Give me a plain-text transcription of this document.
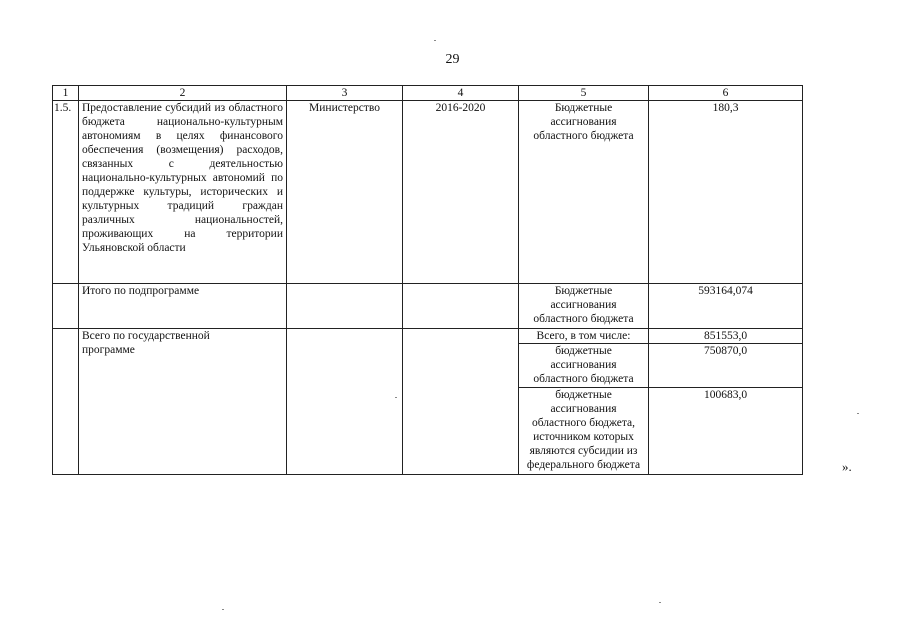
29
1	2	3	4	5	6
1.5.	Предоставление субсидий из областного бюджета национально-культурным автономиям в целях финансового обеспечения (возмещения) расходов, связанных с деятельностью национально-культурных автономий по поддержке культуры, исторических и культурных традиций граждан различных национальностей, проживающих на территории Ульяновской области	Министерство	2016-2020	Бюджетные ассигнования областного бюджета	180,3
	Итого по подпрограмме			Бюджетные ассигнования областного бюджета	593164,074
	Всего по государственной программе			Всего, в том числе:	851553,0
				бюджетные ассигнования областного бюджета	750870,0
				бюджетные ассигнования областного бюджета, источником которых являются субсидии из федерального бюджета	100683,0
».
